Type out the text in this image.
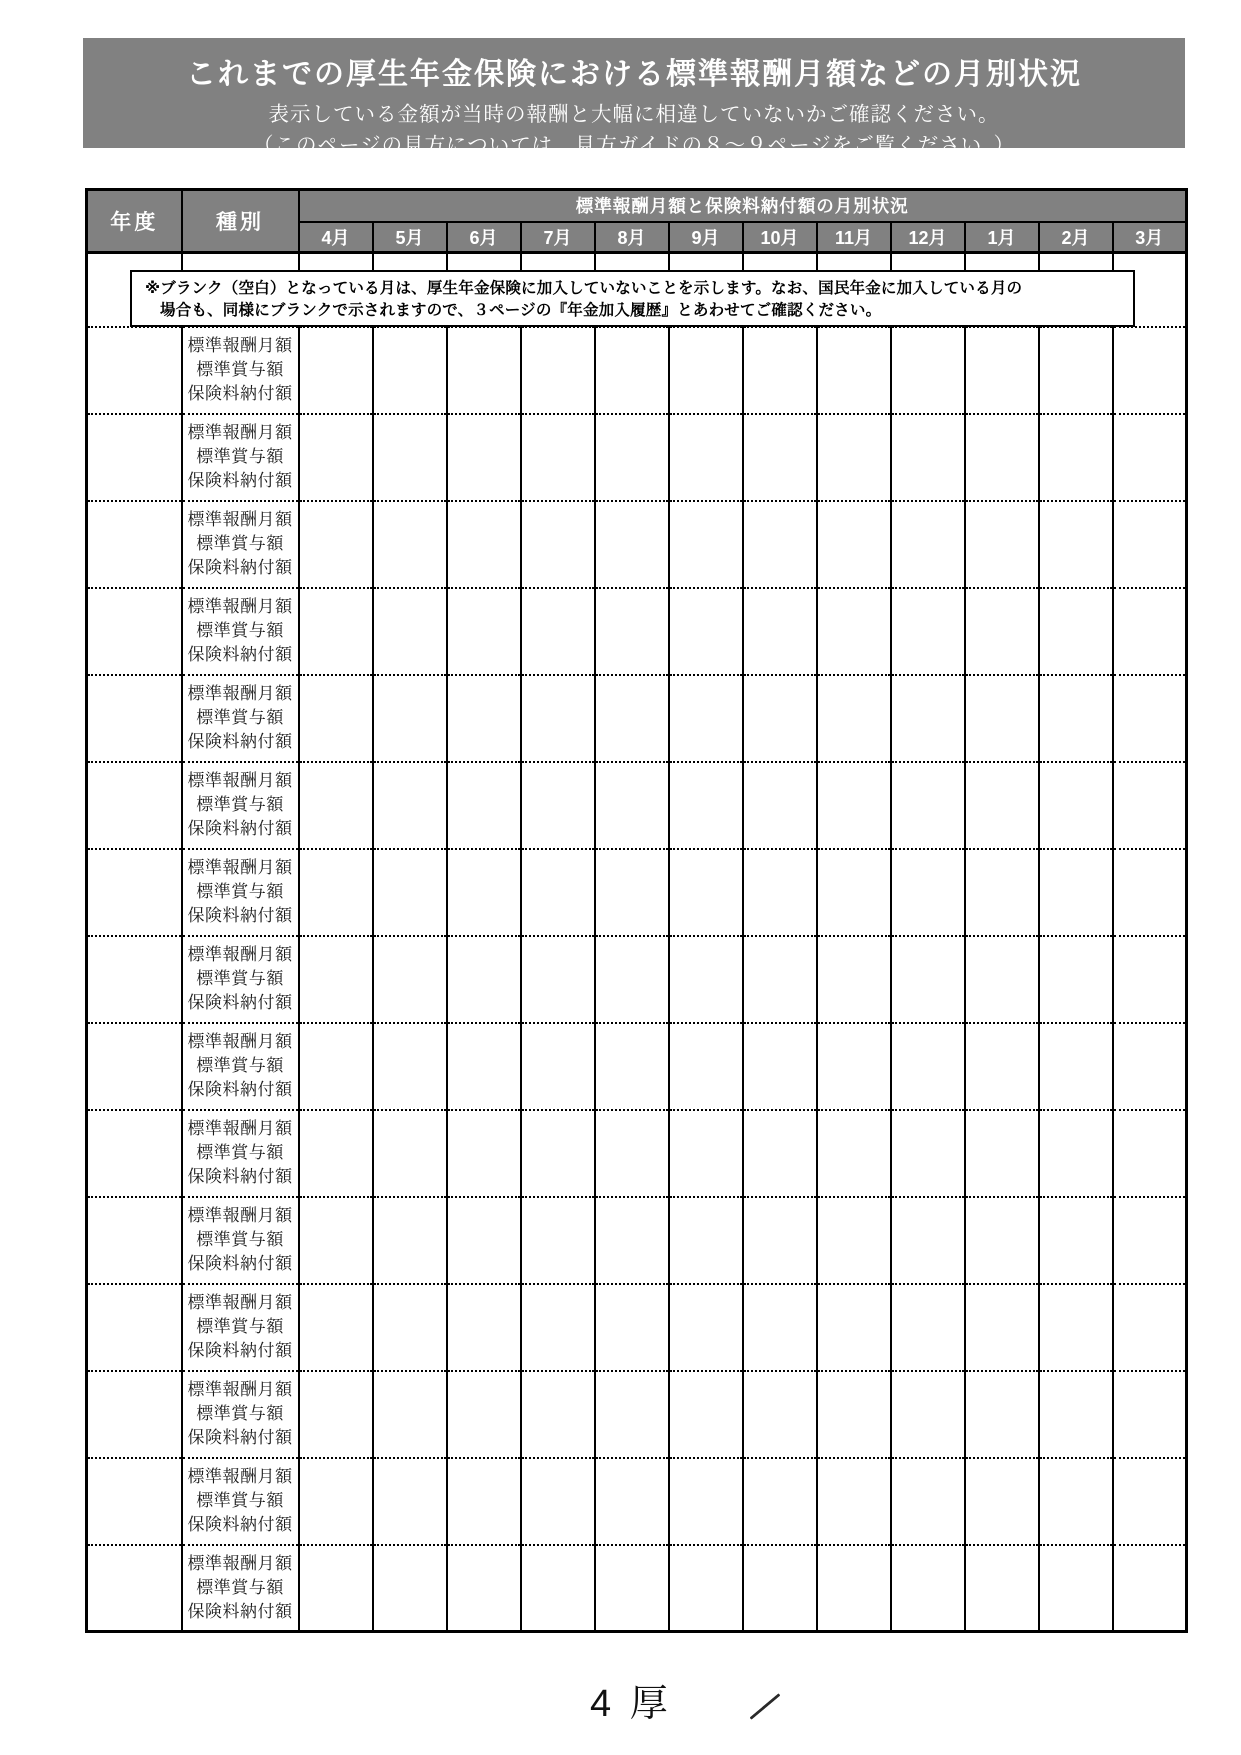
これまでの厚生年金保険における標準報酬月額などの月別状況
表示している金額が当時の報酬と大幅に相違していないかご確認ください。
（このページの見方については、見方ガイドの８～９ページをご覧ください。）
年度	種別	標準報酬月額と保険料納付額の月別状況											
		4月	5月	6月	7月	8月	9月	10月	11月	12月	1月	2月	3月

	標準報酬月額
標準賞与額
保険料納付額												

	標準報酬月額
標準賞与額
保険料納付額												

	標準報酬月額
標準賞与額
保険料納付額												

	標準報酬月額
標準賞与額
保険料納付額												

	標準報酬月額
標準賞与額
保険料納付額												

	標準報酬月額
標準賞与額
保険料納付額												

	標準報酬月額
標準賞与額
保険料納付額												

	標準報酬月額
標準賞与額
保険料納付額												

	標準報酬月額
標準賞与額
保険料納付額												

	標準報酬月額
標準賞与額
保険料納付額												

	標準報酬月額
標準賞与額
保険料納付額												

	標準報酬月額
標準賞与額
保険料納付額												

	標準報酬月額
標準賞与額
保険料納付額												

	標準報酬月額
標準賞与額
保険料納付額												

	標準報酬月額
標準賞与額
保険料納付額												

※ブランク（空白）となっている月は、厚生年金保険に加入していないことを示します。なお、国民年金に加入している月の
場合も、同様にブランクで示されますので、３ページの『年金加入履歴』とあわせてご確認ください。
4 厚
